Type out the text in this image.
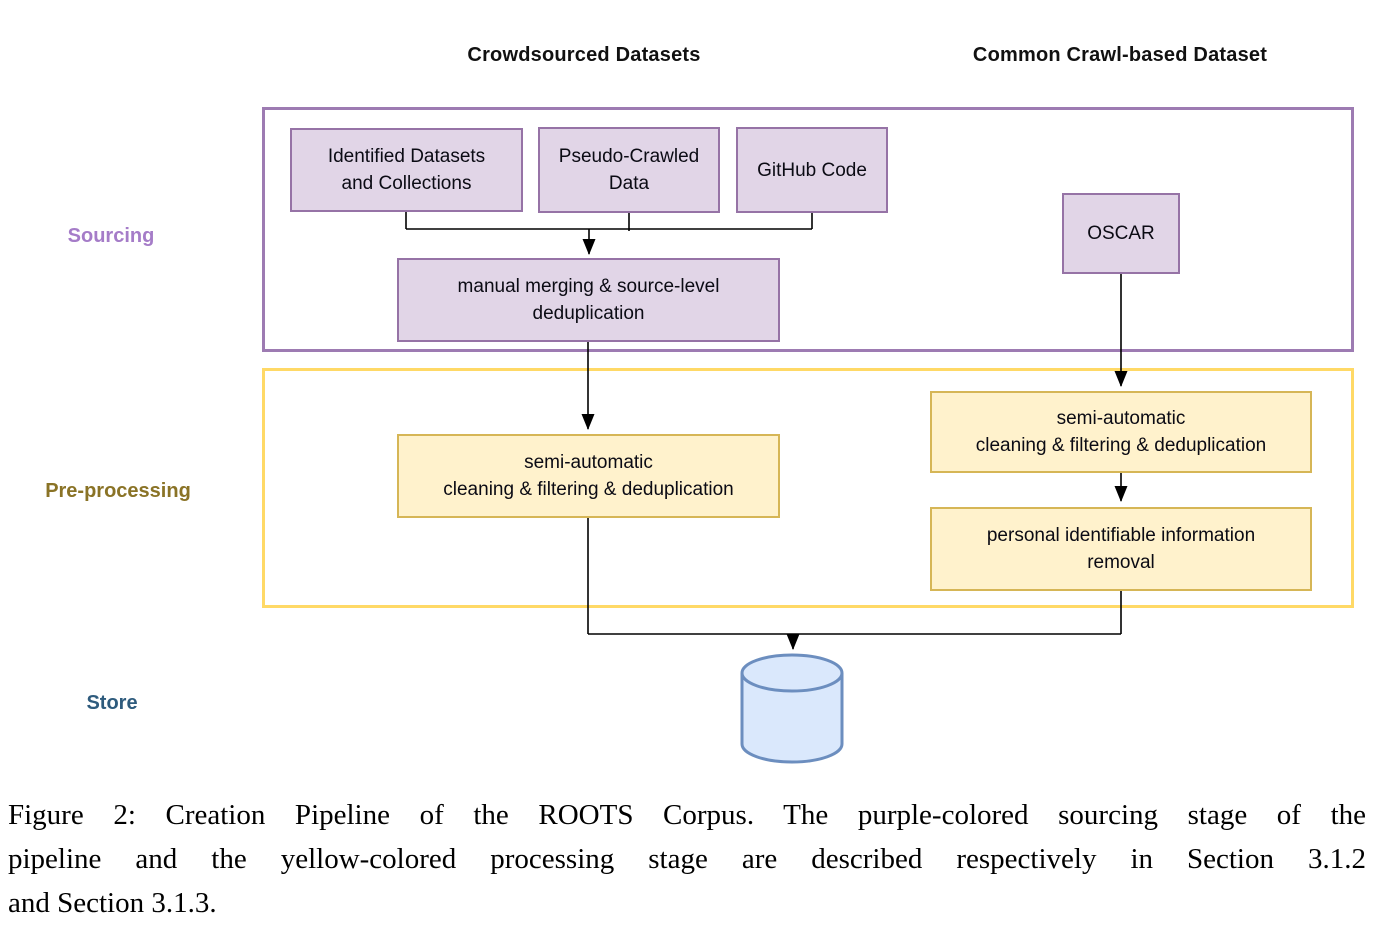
Crowdsourced Datasets	Common Crawl-based Dataset
Sourcing
Pre-processing
Store
Identified Datasets
and Collections
Pseudo-Crawled
Data
GitHub Code
OSCAR
manual merging & source-level
deduplication
semi-automatic
cleaning & filtering & deduplication
semi-automatic
cleaning & filtering & deduplication
personal identifiable information
removal
Figure 2: Creation Pipeline of the ROOTS Corpus. The purple-colored sourcing stage of the
pipeline and the yellow-colored processing stage are described respectively in Section 3.1.2
and Section 3.1.3.
